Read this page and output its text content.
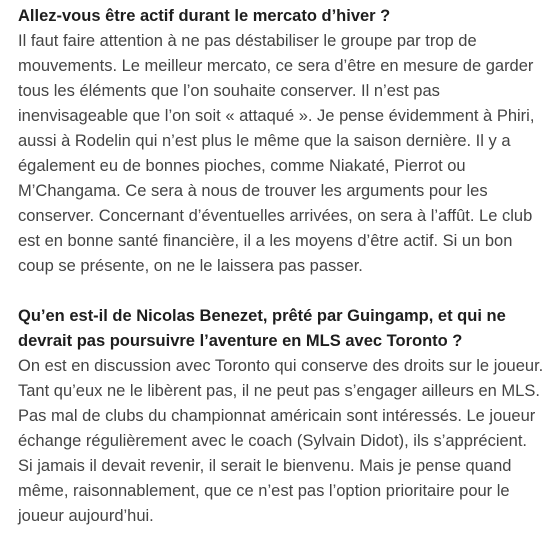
Allez-vous être actif durant le mercato d’hiver ?

Il faut faire attention à ne pas déstabiliser le groupe par trop de mouvements. Le meilleur mercato, ce sera d’être en mesure de garder tous les éléments que l’on souhaite conserver. Il n’est pas inenvisageable que l’on soit « attaqué ». Je pense évidemment à Phiri, aussi à Rodelin qui n’est plus le même que la saison dernière. Il y a également eu de bonnes pioches, comme Niakaté, Pierrot ou M’Changama. Ce sera à nous de trouver les arguments pour les conserver. Concernant d’éventuelles arrivées, on sera à l’affût. Le club est en bonne santé financière, il a les moyens d’être actif. Si un bon coup se présente, on ne le laissera pas passer.

Qu’en est-il de Nicolas Benezet, prêté par Guingamp, et qui ne devrait pas poursuivre l’aventure en MLS avec Toronto ?

On est en discussion avec Toronto qui conserve des droits sur le joueur. Tant qu’eux ne le libèrent pas, il ne peut pas s’engager ailleurs en MLS. Pas mal de clubs du championnat américain sont intéressés. Le joueur échange régulièrement avec le coach (Sylvain Didot), ils s’apprécient. Si jamais il devait revenir, il serait le bienvenu. Mais je pense quand même, raisonnablement, que ce n’est pas l’option prioritaire pour le joueur aujourd’hui.
